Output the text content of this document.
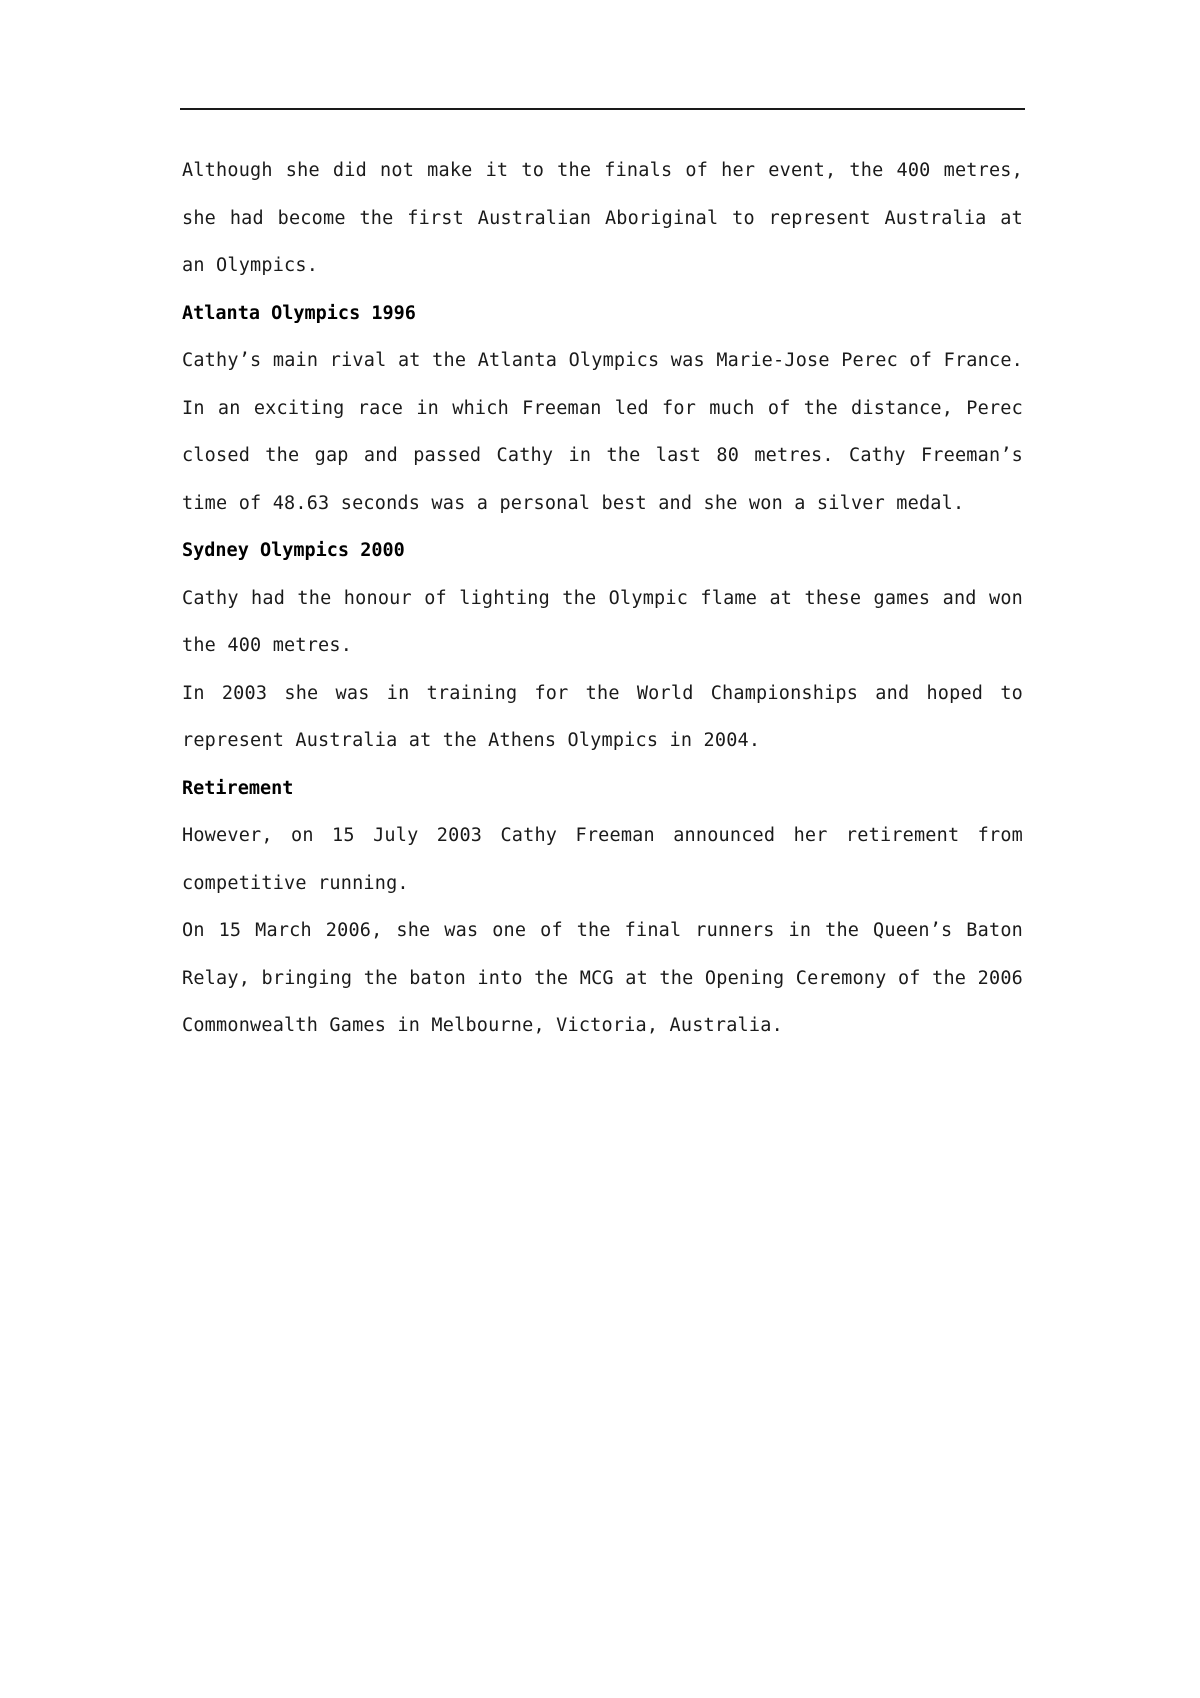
Although she did not make it to the finals of her event, the 400 metres, she had become the first Australian Aboriginal to represent Australia at an Olympics.

Atlanta Olympics 1996

Cathy’s main rival at the Atlanta Olympics was Marie-Jose Perec of France. In an exciting race in which Freeman led for much of the distance, Perec closed the gap and passed Cathy in the last 80 metres. Cathy Freeman’s time of 48.63 seconds was a personal best and she won a silver medal.

Sydney Olympics 2000

Cathy had the honour of lighting the Olympic flame at these games and won the 400 metres.

In 2003 she was in training for the World Championships and hoped to represent Australia at the Athens Olympics in 2004.

Retirement

However, on 15 July 2003 Cathy Freeman announced her retirement from competitive running.

On 15 March 2006, she was one of the final runners in the Queen’s Baton Relay, bringing the baton into the MCG at the Opening Ceremony of the 2006 Commonwealth Games in Melbourne, Victoria, Australia.
